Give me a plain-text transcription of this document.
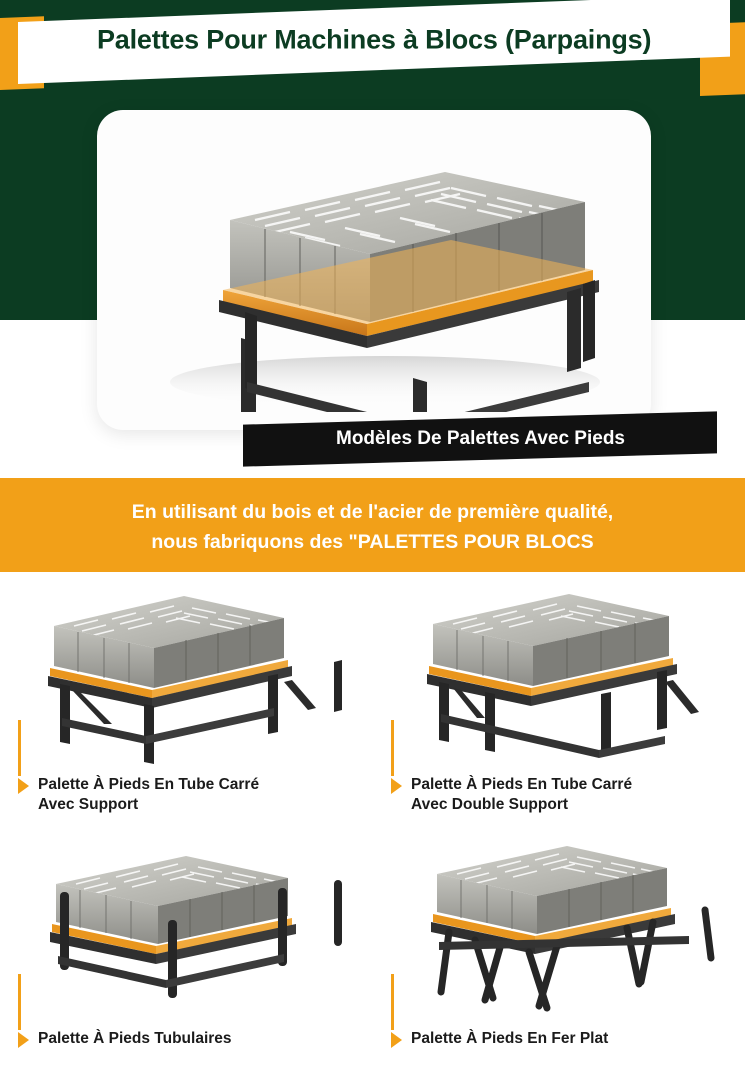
Palettes Pour Machines à Blocs (Parpaings)
Modèles De Palettes Avec Pieds
En utilisant du bois et de l'acier de première qualité,
nous fabriquons des "PALETTES POUR BLOCS
Palette À Pieds En Tube Carré
Avec Support
Palette À Pieds En Tube Carré
Avec Double Support
Palette À Pieds Tubulaires	Palette À Pieds En Fer Plat
